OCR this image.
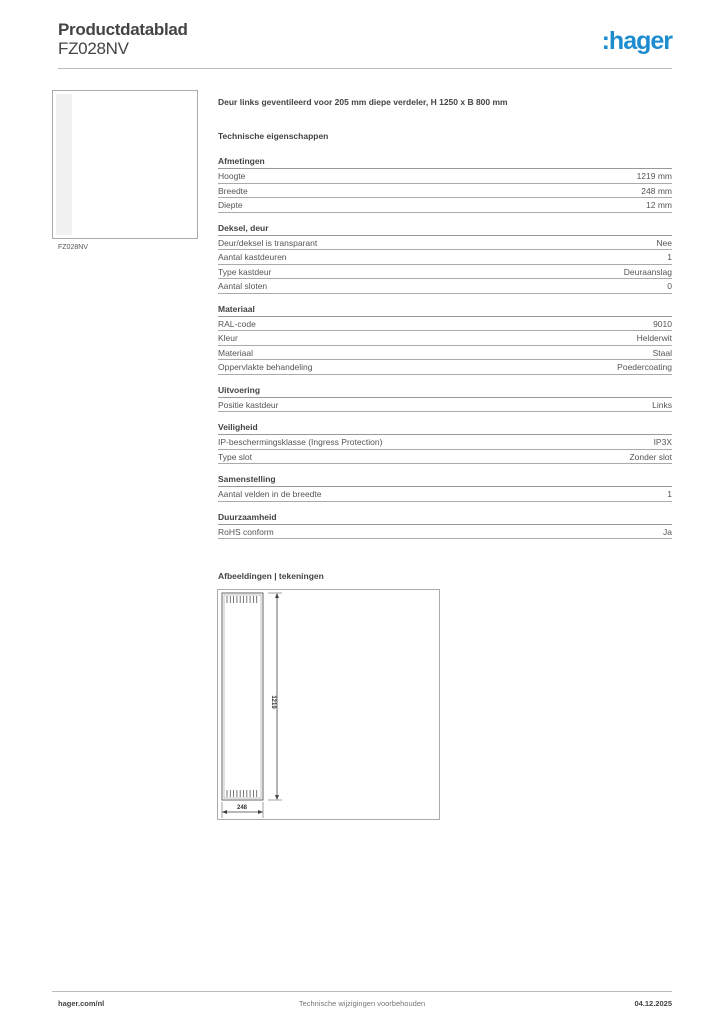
Productdatablad
FZ028NV	:hager
FZ028NV
Deur links geventileerd voor 205 mm diepe verdeler, H 1250 x B 800 mm
Technische eigenschappen
Afmetingen
Hoogte	1219 mm
Breedte	248 mm
Diepte	12 mm
Deksel, deur
Deur/deksel is transparant	Nee
Aantal kastdeuren	1
Type kastdeur	Deuraanslag
Aantal sloten	0
Materiaal
RAL-code	9010
Kleur	Helderwit
Materiaal	Staal
Oppervlakte behandeling	Poedercoating
Uitvoering
Positie kastdeur	Links
Veiligheid
IP-beschermingsklasse (Ingress Protection)	IP3X
Type slot	Zonder slot
Samenstelling
Aantal velden in de breedte	1
Duurzaamheid
RoHS conform	Ja
Afbeeldingen | tekeningen
1219
248
hager.com/nl	Technische wijzigingen voorbehouden	04.12.2025
